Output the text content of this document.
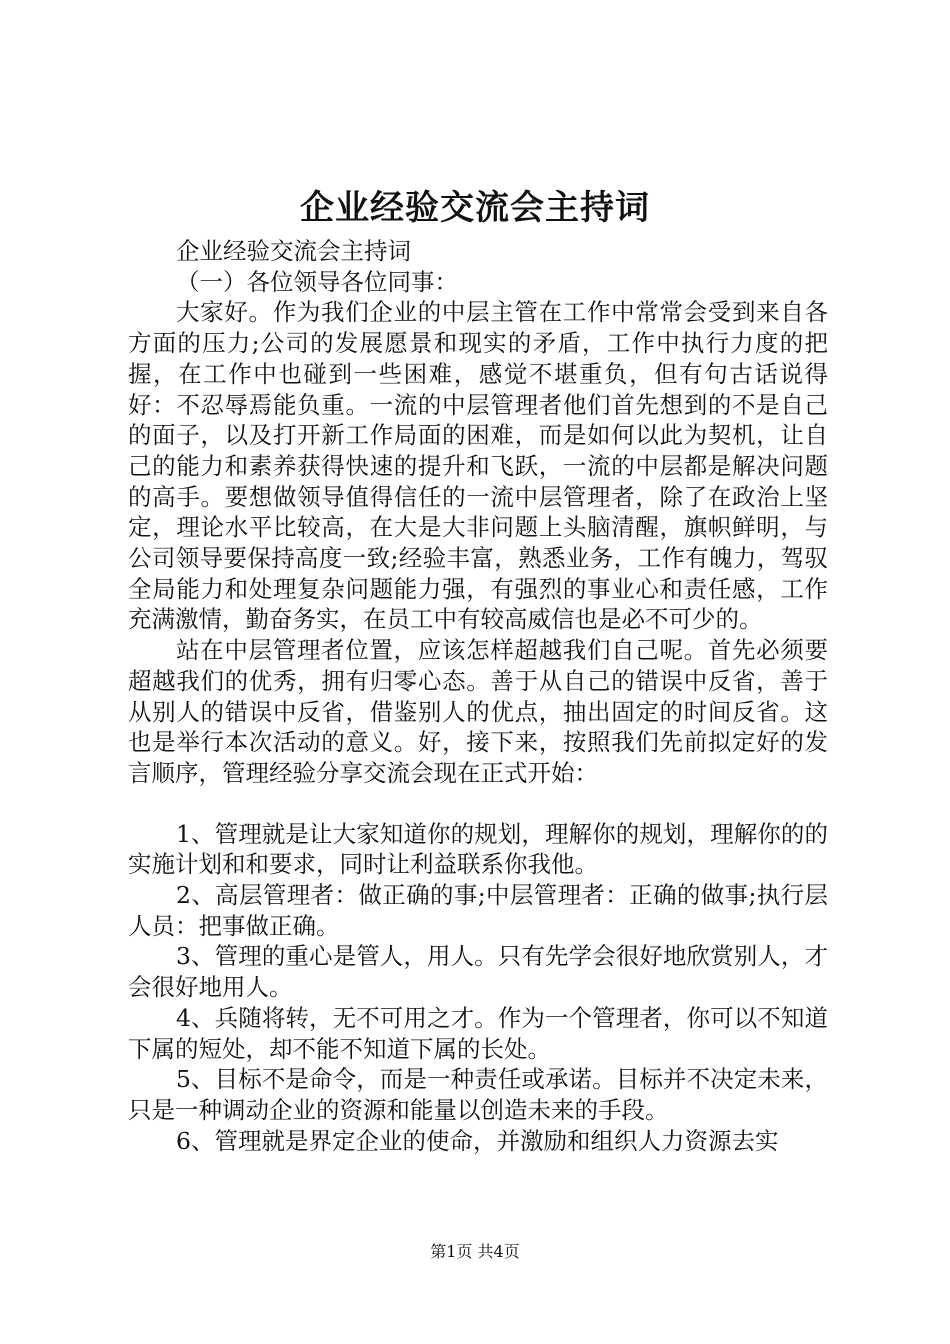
企业经验交流会主持词

企业经验交流会主持词

（一）各位领导各位同事：

大家好。作为我们企业的中层主管在工作中常常会受到来自各方面的压力;公司的发展愿景和现实的矛盾，工作中执行力度的把握，在工作中也碰到一些困难，感觉不堪重负，但有句古话说得好：不忍辱焉能负重。一流的中层管理者他们首先想到的不是自己的面子，以及打开新工作局面的困难，而是如何以此为契机，让自己的能力和素养获得快速的提升和飞跃，一流的中层都是解决问题的高手。要想做领导值得信任的一流中层管理者，除了在政治上坚定，理论水平比较高，在大是大非问题上头脑清醒，旗帜鲜明，与公司领导要保持高度一致;经验丰富，熟悉业务，工作有魄力，驾驭全局能力和处理复杂问题能力强，有强烈的事业心和责任感，工作充满激情，勤奋务实，在员工中有较高威信也是必不可少的。

站在中层管理者位置，应该怎样超越我们自己呢。首先必须要超越我们的优秀，拥有归零心态。善于从自己的错误中反省，善于从别人的错误中反省，借鉴别人的优点，抽出固定的时间反省。这也是举行本次活动的意义。好，接下来，按照我们先前拟定好的发言顺序，管理经验分享交流会现在正式开始：

1、管理就是让大家知道你的规划，理解你的规划，理解你的的实施计划和和要求，同时让利益联系你我他。

2、高层管理者：做正确的事;中层管理者：正确的做事;执行层人员：把事做正确。

3、管理的重心是管人，用人。只有先学会很好地欣赏别人，才会很好地用人。

4、兵随将转，无不可用之才。作为一个管理者，你可以不知道下属的短处，却不能不知道下属的长处。

5、目标不是命令，而是一种责任或承诺。目标并不决定未来，只是一种调动企业的资源和能量以创造未来的手段。

6、管理就是界定企业的使命，并激励和组织人力资源去实

第1页 共4页
